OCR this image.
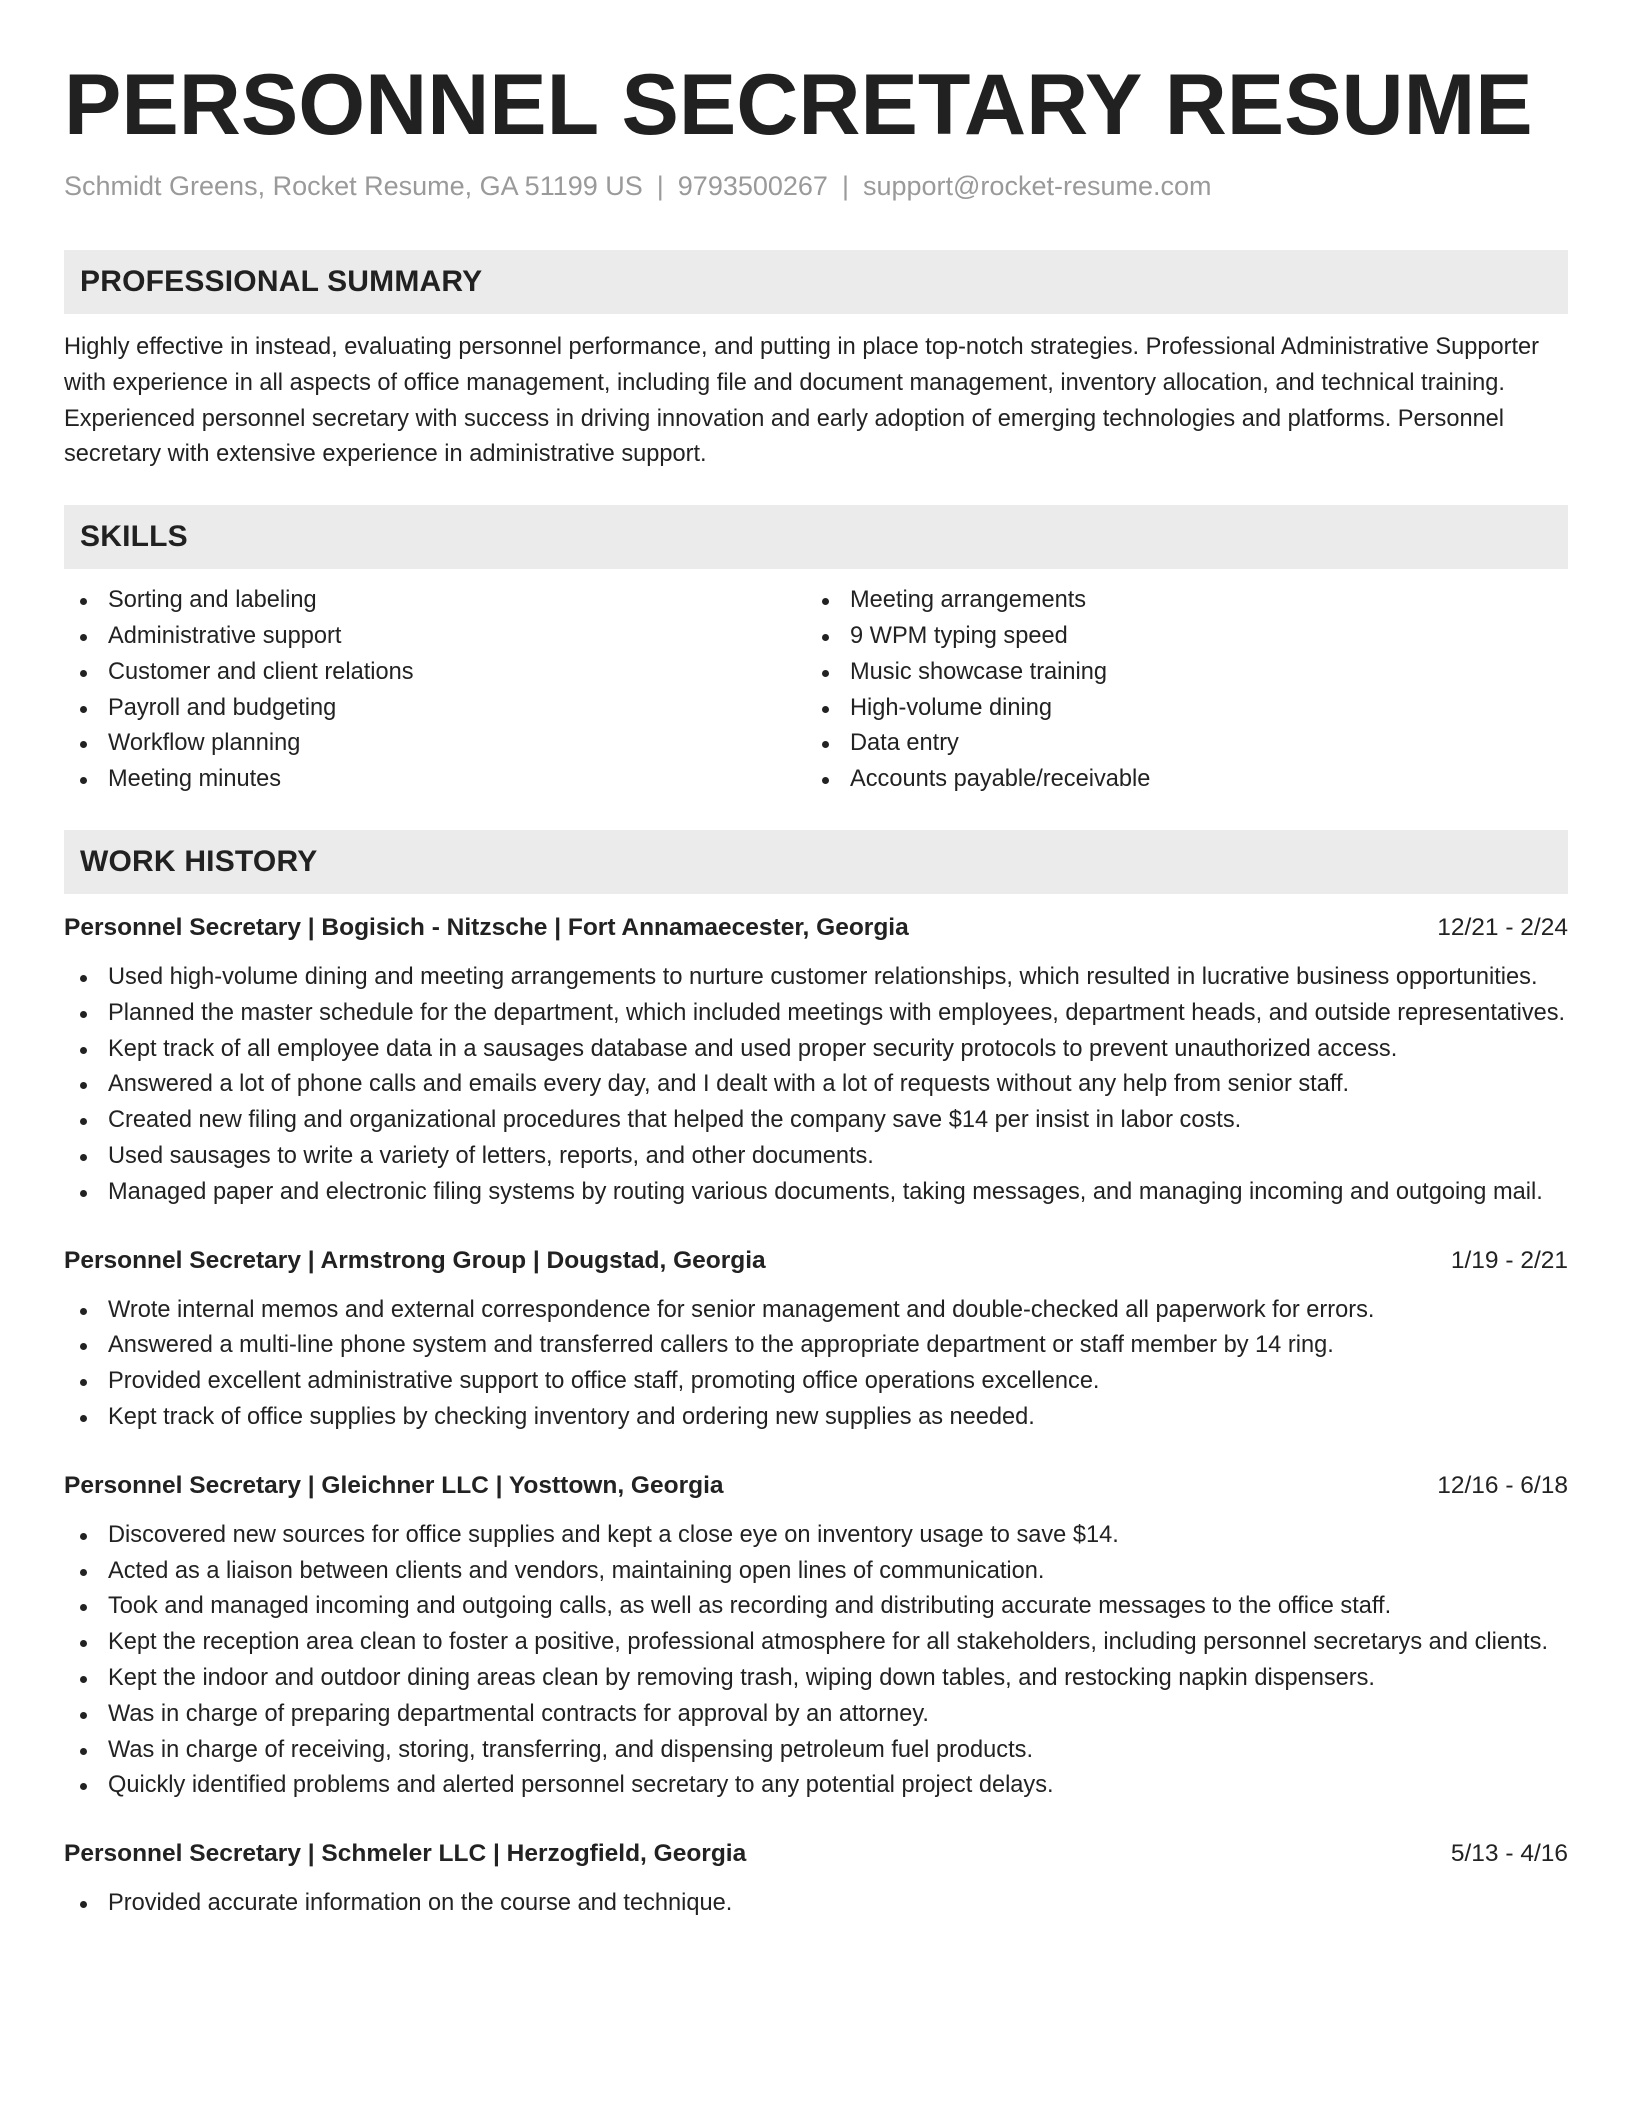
PERSONNEL SECRETARY RESUME
Schmidt Greens, Rocket Resume, GA 51199 US | 9793500267 | support@rocket-resume.com
PROFESSIONAL SUMMARY

Highly effective in instead, evaluating personnel performance, and putting in place top-notch strategies. Professional Administrative Supporter with experience in all aspects of office management, including file and document management, inventory allocation, and technical training. Experienced personnel secretary with success in driving innovation and early adoption of emerging technologies and platforms. Personnel secretary with extensive experience in administrative support.

SKILLS
Sorting and labeling
Administrative support
Customer and client relations
Payroll and budgeting
Workflow planning
Meeting minutes
Meeting arrangements
9 WPM typing speed
Music showcase training
High-volume dining
Data entry
Accounts payable/receivable
WORK HISTORY
Personnel Secretary | Bogisich - Nitzsche | Fort Annamaecester, Georgia	12/21 - 2/24
Used high-volume dining and meeting arrangements to nurture customer relationships, which resulted in lucrative business opportunities.
Planned the master schedule for the department, which included meetings with employees, department heads, and outside representatives.
Kept track of all employee data in a sausages database and used proper security protocols to prevent unauthorized access.
Answered a lot of phone calls and emails every day, and I dealt with a lot of requests without any help from senior staff.
Created new filing and organizational procedures that helped the company save $14 per insist in labor costs.
Used sausages to write a variety of letters, reports, and other documents.
Managed paper and electronic filing systems by routing various documents, taking messages, and managing incoming and outgoing mail.
Personnel Secretary | Armstrong Group | Dougstad, Georgia	1/19 - 2/21
Wrote internal memos and external correspondence for senior management and double-checked all paperwork for errors.
Answered a multi-line phone system and transferred callers to the appropriate department or staff member by 14 ring.
Provided excellent administrative support to office staff, promoting office operations excellence.
Kept track of office supplies by checking inventory and ordering new supplies as needed.
Personnel Secretary | Gleichner LLC | Yosttown, Georgia	12/16 - 6/18
Discovered new sources for office supplies and kept a close eye on inventory usage to save $14.
Acted as a liaison between clients and vendors, maintaining open lines of communication.
Took and managed incoming and outgoing calls, as well as recording and distributing accurate messages to the office staff.
Kept the reception area clean to foster a positive, professional atmosphere for all stakeholders, including personnel secretarys and clients.
Kept the indoor and outdoor dining areas clean by removing trash, wiping down tables, and restocking napkin dispensers.
Was in charge of preparing departmental contracts for approval by an attorney.
Was in charge of receiving, storing, transferring, and dispensing petroleum fuel products.
Quickly identified problems and alerted personnel secretary to any potential project delays.
Personnel Secretary | Schmeler LLC | Herzogfield, Georgia	5/13 - 4/16
Provided accurate information on the course and technique.
